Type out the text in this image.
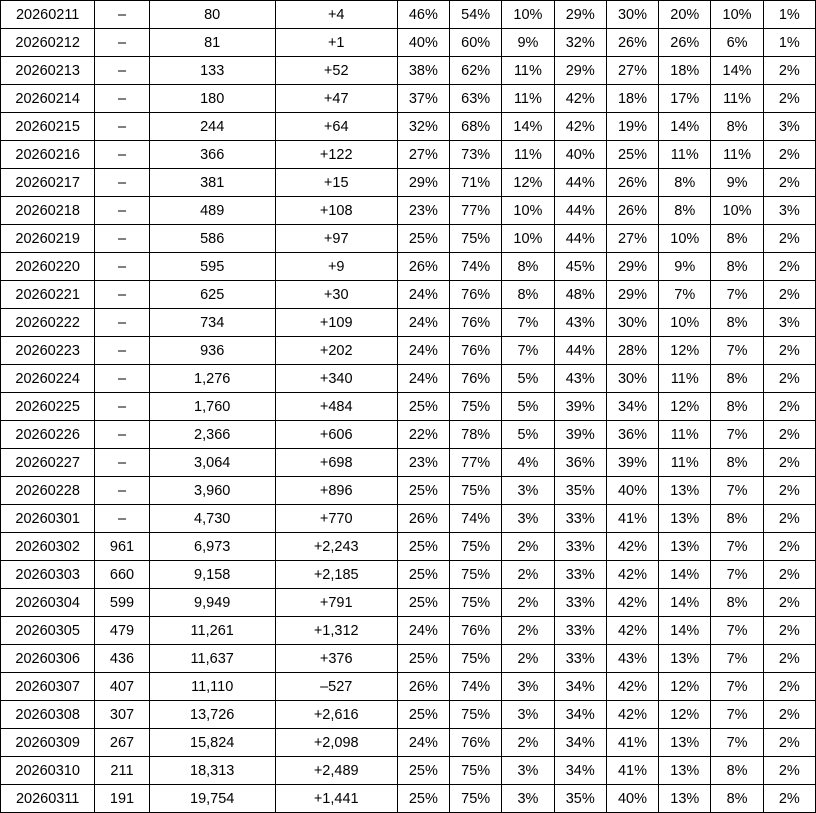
20260211	–	80	+4	46%	54%	10%	29%	30%	20%	10%	1%
20260212	–	81	+1	40%	60%	9%	32%	26%	26%	6%	1%
20260213	–	133	+52	38%	62%	11%	29%	27%	18%	14%	2%
20260214	–	180	+47	37%	63%	11%	42%	18%	17%	11%	2%
20260215	–	244	+64	32%	68%	14%	42%	19%	14%	8%	3%
20260216	–	366	+122	27%	73%	11%	40%	25%	11%	11%	2%
20260217	–	381	+15	29%	71%	12%	44%	26%	8%	9%	2%
20260218	–	489	+108	23%	77%	10%	44%	26%	8%	10%	3%
20260219	–	586	+97	25%	75%	10%	44%	27%	10%	8%	2%
20260220	–	595	+9	26%	74%	8%	45%	29%	9%	8%	2%
20260221	–	625	+30	24%	76%	8%	48%	29%	7%	7%	2%
20260222	–	734	+109	24%	76%	7%	43%	30%	10%	8%	3%
20260223	–	936	+202	24%	76%	7%	44%	28%	12%	7%	2%
20260224	–	1,276	+340	24%	76%	5%	43%	30%	11%	8%	2%
20260225	–	1,760	+484	25%	75%	5%	39%	34%	12%	8%	2%
20260226	–	2,366	+606	22%	78%	5%	39%	36%	11%	7%	2%
20260227	–	3,064	+698	23%	77%	4%	36%	39%	11%	8%	2%
20260228	–	3,960	+896	25%	75%	3%	35%	40%	13%	7%	2%
20260301	–	4,730	+770	26%	74%	3%	33%	41%	13%	8%	2%
20260302	961	6,973	+2,243	25%	75%	2%	33%	42%	13%	7%	2%
20260303	660	9,158	+2,185	25%	75%	2%	33%	42%	14%	7%	2%
20260304	599	9,949	+791	25%	75%	2%	33%	42%	14%	8%	2%
20260305	479	11,261	+1,312	24%	76%	2%	33%	42%	14%	7%	2%
20260306	436	11,637	+376	25%	75%	2%	33%	43%	13%	7%	2%
20260307	407	11,110	–527	26%	74%	3%	34%	42%	12%	7%	2%
20260308	307	13,726	+2,616	25%	75%	3%	34%	42%	12%	7%	2%
20260309	267	15,824	+2,098	24%	76%	2%	34%	41%	13%	7%	2%
20260310	211	18,313	+2,489	25%	75%	3%	34%	41%	13%	8%	2%
20260311	191	19,754	+1,441	25%	75%	3%	35%	40%	13%	8%	2%
